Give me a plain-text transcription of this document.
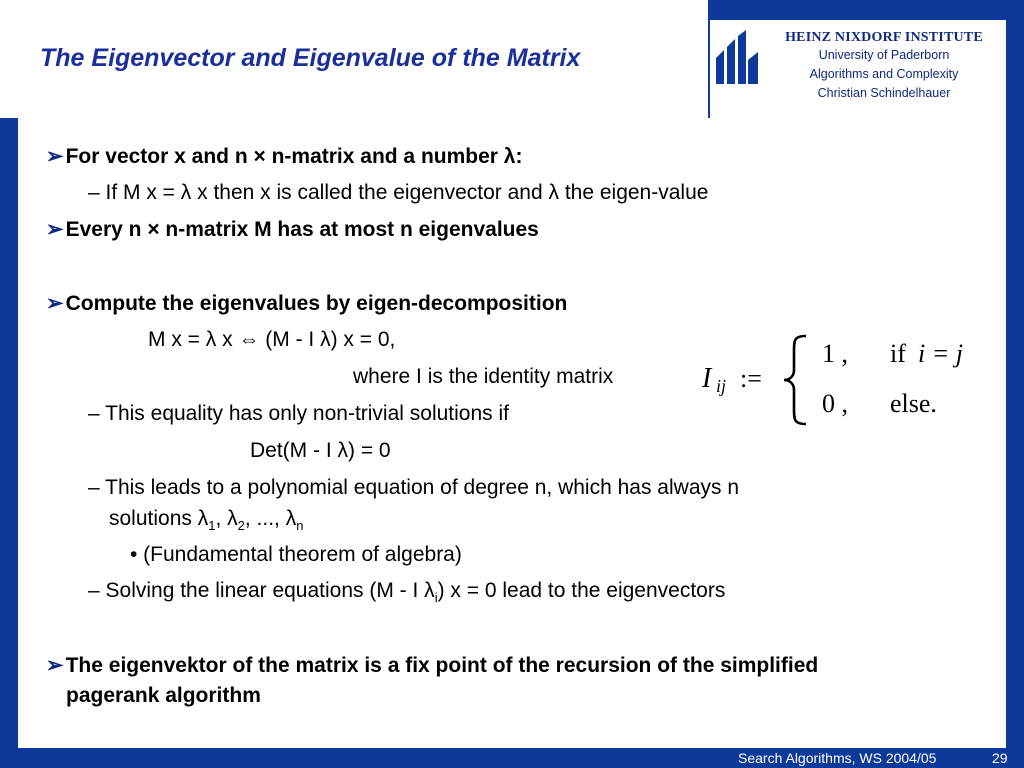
The Eigenvector and Eigenvalue of the Matrix
HEINZ NIXDORF INSTITUTE
University of Paderborn
Algorithms and Complexity
Christian Schindelhauer
➢For vector x and n × n-matrix and a number λ:
– If M x = λ x then x is called the eigenvector and λ the eigen-value
➢Every n × n-matrix M has at most n eigenvalues
➢Compute the eigenvalues by eigen-decomposition
M x = λ x ⇔ (M - I λ) x = 0,
where I is the identity matrix
– This equality has only non-trivial solutions if
Det(M - I λ) = 0
– This leads to a polynomial equation of degree n, which has always n
solutions $\lambda_1$, $\lambda_2$, ..., $\lambda_n$
• (Fundamental theorem of algebra)
– Solving the linear equations (M - I $\lambda_i$) x = 0 lead to the eigenvectors
➢The eigenvektor of the matrix is a fix point of the recursion of the simplified
pagerank algorithm
I ij :=
1 , if i = j
0 , else.
Search Algorithms, WS 2004/05	29
